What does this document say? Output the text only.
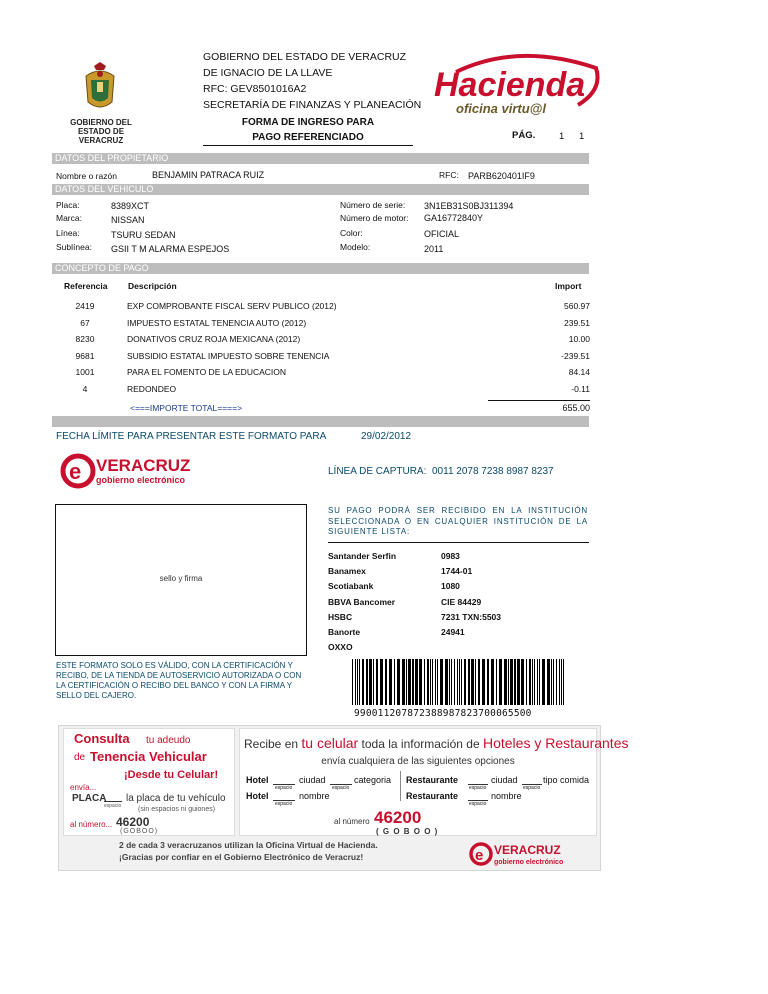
GOBIERNO DEL
ESTADO DE VERACRUZ
GOBIERNO DEL ESTADO DE VERACRUZ
DE IGNACIO DE LA LLAVE
RFC: GEV8501016A2
SECRETARÍA DE FINANZAS Y PLANEACIÓN
FORMA DE INGRESO PARA
PAGO REFERENCIADO
Hacienda
oficina virtu@l
PÁG.	1 1
DATOS DEL PROPIETARIO
Nombre o razón	BENJAMIN PATRACA RUIZ	RFC: PARB620401IF9
DATOS DEL VEHICULO
Placa:	8389XCT
Marca:	NISSAN
Línea:	TSURU SEDAN
Sublínea: GSII T M ALARMA ESPEJOS
Número de serie: 3N1EB31S0BJ311394
Número de motor: GA16772840Y
Color:	OFICIAL
Modelo:	2011
CONCEPTO DE PAGO
Referencia Descripción	Import
2419	EXP COMPROBANTE FISCAL SERV PUBLICO (2012)	560.97
67	IMPUESTO ESTATAL TENENCIA AUTO (2012)	239.51
8230	DONATIVOS CRUZ ROJA MEXICANA (2012)	10.00
9681	SUBSIDIO ESTATAL IMPUESTO SOBRE TENENCIA	-239.51
1001	PARA EL FOMENTO DE LA EDUCACION	84.14
4	REDONDEO	-0.11
<===IMPORTE TOTAL====>	655.00
FECHA LÍMITE PARA PRESENTAR ESTE FORMATO PARA	29/02/2012
e VERACRUZ
gobierno electrónico
LÍNEA DE CAPTURA: 0011 2078 7238 8987 8237
sello y firma
SU PAGO PODRÁ SER RECIBIDO EN LA INSTITUCIÓN SELECCIONADA O EN CUALQUIER INSTITUCIÓN DE LA SIGUIENTE LISTA:
Santander Serfin	0983
Banamex	1744-01
Scotiabank	1080
BBVA Bancomer	CIE 84429
HSBC	7231 TXN:5503
Banorte	24941
OXXO
ESTE FORMATO SOLO ES VÁLIDO, CON LA CERTIFICACIÓN Y RECIBO, DE LA TIENDA DE AUTOSERVICIO AUTORIZADA O CON LA CERTIFICACIÓN O RECIBO DEL BANCO Y CON LA FIRMA Y SELLO DEL CAJERO.
99001120787238898782370006550​0
Consulta tu adeudo
de Tenencia Vehicular
¡Desde tu Celular!
envía...
PLACA
espacio
la placa de tu vehículo
(sin espacios ni guiones)
al número... 46200
(GOBOO)
Recibe en tu celular toda la información de Hoteles y Restaurantes
envía cualquiera de las siguientes opciones
Hotel
espacio
ciudad
espacio
categoria
Hotel
espacio
nombre
Restaurante
espacio
ciudad
espacio
tipo comida
Restaurante
espacio
nombre
al número 46200
( G O B O O )
2 de cada 3 veracruzanos utilizan la Oficina Virtual de Hacienda.
¡Gracias por confiar en el Gobierno Electrónico de Veracruz!	e VERACRUZ
gobierno electrónico
